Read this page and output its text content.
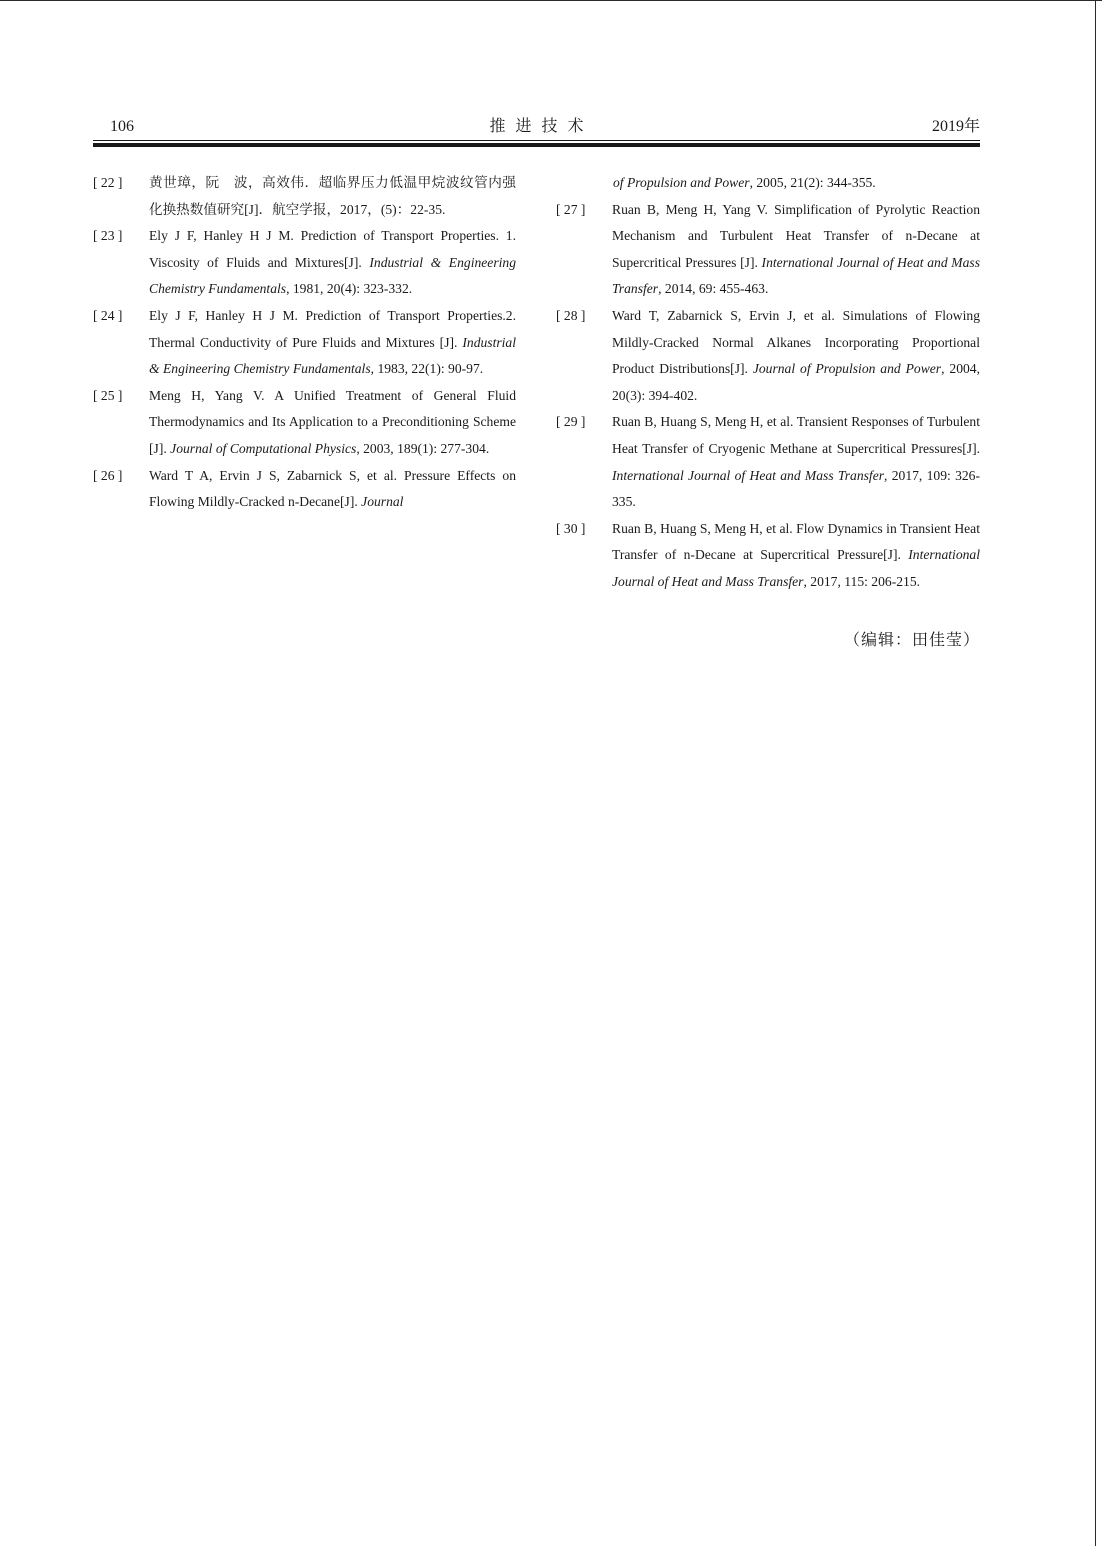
106	推进技术	2019年
[ 22 ] 黄世璋，阮　波，高效伟．超临界压力低温甲烷波纹管内强化换热数值研究[J]．航空学报，2017，(5)：22-35.
[ 23 ] Ely J F, Hanley H J M. Prediction of Transport Properties. 1. Viscosity of Fluids and Mixtures[J]. Industrial & Engineering Chemistry Fundamentals, 1981, 20(4): 323-332.
[ 24 ] Ely J F, Hanley H J M. Prediction of Transport Properties.2. Thermal Conductivity of Pure Fluids and Mixtures [J]. Industrial & Engineering Chemistry Fundamentals, 1983, 22(1): 90-97.
[ 25 ] Meng H, Yang V. A Unified Treatment of General Fluid Thermodynamics and Its Application to a Preconditioning Scheme [J]. Journal of Computational Physics, 2003, 189(1): 277-304.
[ 26 ] Ward T A, Ervin J S, Zabarnick S, et al. Pressure Effects on Flowing Mildly-Cracked n-Decane[J]. Journal
of Propulsion and Power, 2005, 21(2): 344-355.
[ 27 ] Ruan B, Meng H, Yang V. Simplification of Pyrolytic Reaction Mechanism and Turbulent Heat Transfer of n-Decane at Supercritical Pressures [J]. International Journal of Heat and Mass Transfer, 2014, 69: 455-463.
[ 28 ] Ward T, Zabarnick S, Ervin J, et al. Simulations of Flowing Mildly-Cracked Normal Alkanes Incorporating Proportional Product Distributions[J]. Journal of Propulsion and Power, 2004, 20(3): 394-402.
[ 29 ] Ruan B, Huang S, Meng H, et al. Transient Responses of Turbulent Heat Transfer of Cryogenic Methane at Supercritical Pressures[J]. International Journal of Heat and Mass Transfer, 2017, 109: 326-335.
[ 30 ] Ruan B, Huang S, Meng H, et al. Flow Dynamics in Transient Heat Transfer of n-Decane at Supercritical Pressure[J]. International Journal of Heat and Mass Transfer, 2017, 115: 206-215.
（编辑：田佳莹）
